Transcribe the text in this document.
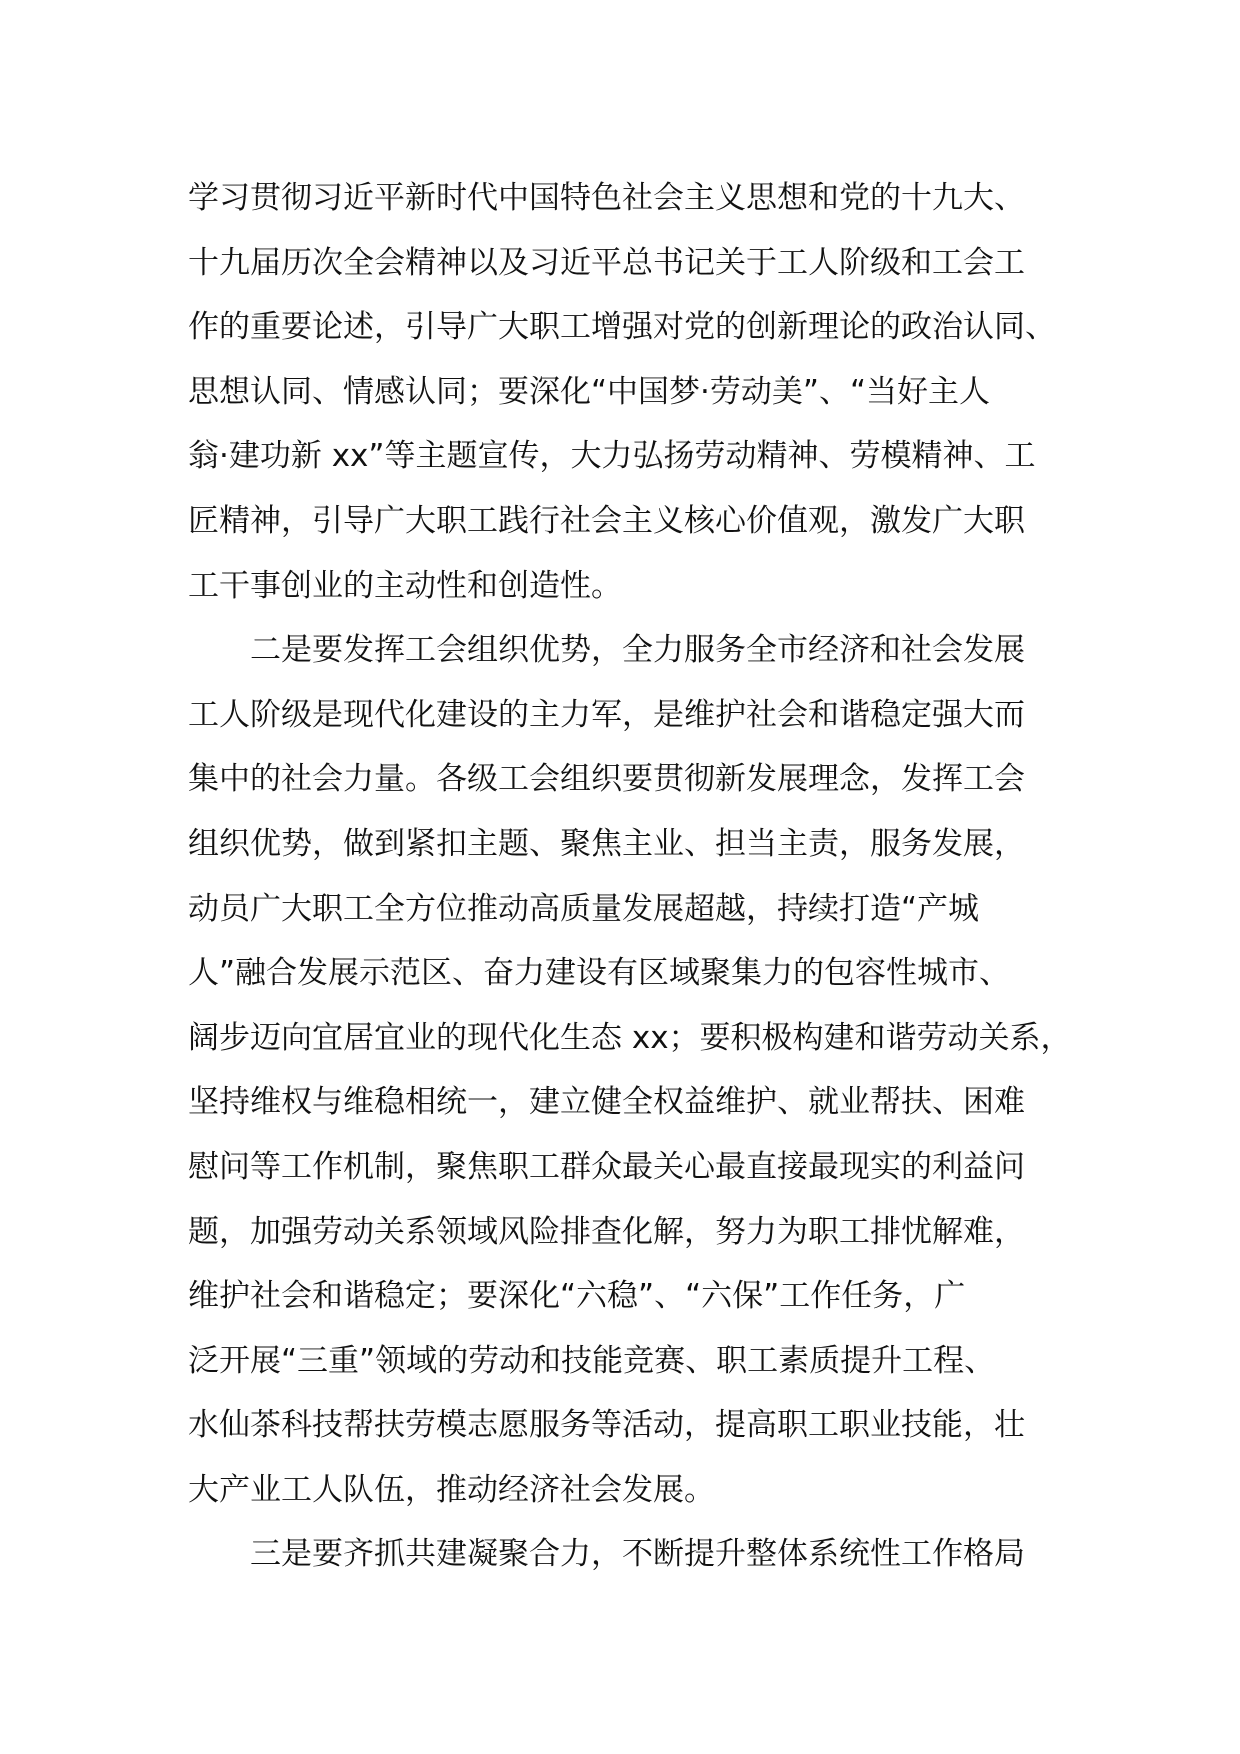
学习贯彻习近平新时代中国特色社会主义思想和党的十九大、
十九届历次全会精神以及习近平总书记关于工人阶级和工会工
作的重要论述，引导广大职工增强对党的创新理论的政治认同、
思想认同、情感认同；要深化“中国梦·劳动美”、“当好主人
翁·建功新 xx”等主题宣传，大力弘扬劳动精神、劳模精神、工
匠精神，引导广大职工践行社会主义核心价值观，激发广大职
工干事创业的主动性和创造性。
二是要发挥工会组织优势，全力服务全市经济和社会发展
工人阶级是现代化建设的主力军，是维护社会和谐稳定强大而
集中的社会力量。各级工会组织要贯彻新发展理念，发挥工会
组织优势，做到紧扣主题、聚焦主业、担当主责，服务发展，
动员广大职工全方位推动高质量发展超越，持续打造“产城
人”融合发展示范区、奋力建设有区域聚集力的包容性城市、
阔步迈向宜居宜业的现代化生态 xx；要积极构建和谐劳动关系，
坚持维权与维稳相统一，建立健全权益维护、就业帮扶、困难
慰问等工作机制，聚焦职工群众最关心最直接最现实的利益问
题，加强劳动关系领域风险排查化解，努力为职工排忧解难，
维护社会和谐稳定；要深化“六稳”、“六保”工作任务，广
泛开展“三重”领域的劳动和技能竞赛、职工素质提升工程、
水仙茶科技帮扶劳模志愿服务等活动，提高职工职业技能，壮
大产业工人队伍，推动经济社会发展。
三是要齐抓共建凝聚合力，不断提升整体系统性工作格局
